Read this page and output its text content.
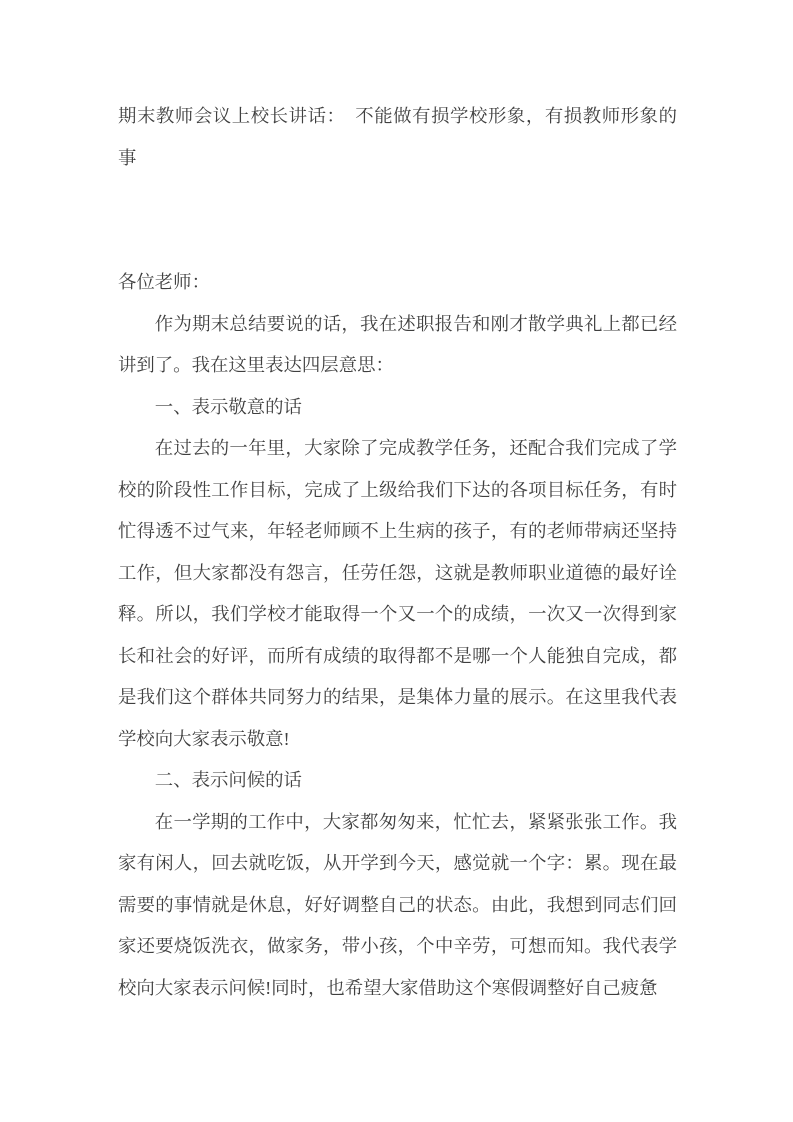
期末教师会议上校长讲话：　不能做有损学校形象，有损教师形象的事

各位老师：

作为期末总结要说的话，我在述职报告和刚才散学典礼上都已经讲到了。我在这里表达四层意思：

一、表示敬意的话

在过去的一年里，大家除了完成教学任务，还配合我们完成了学校的阶段性工作目标，完成了上级给我们下达的各项目标任务，有时忙得透不过气来，年轻老师顾不上生病的孩子，有的老师带病还坚持工作，但大家都没有怨言，任劳任怨，这就是教师职业道德的最好诠释。所以，我们学校才能取得一个又一个的成绩，一次又一次得到家长和社会的好评，而所有成绩的取得都不是哪一个人能独自完成，都是我们这个群体共同努力的结果，是集体力量的展示。在这里我代表学校向大家表示敬意!

二、表示问候的话

在一学期的工作中，大家都匆匆来，忙忙去，紧紧张张工作。我家有闲人，回去就吃饭，从开学到今天，感觉就一个字：累。现在最需要的事情就是休息，好好调整自己的状态。由此，我想到同志们回家还要烧饭洗衣，做家务，带小孩，个中辛劳，可想而知。我代表学校向大家表示问候!同时，也希望大家借助这个寒假调整好自己疲惫
